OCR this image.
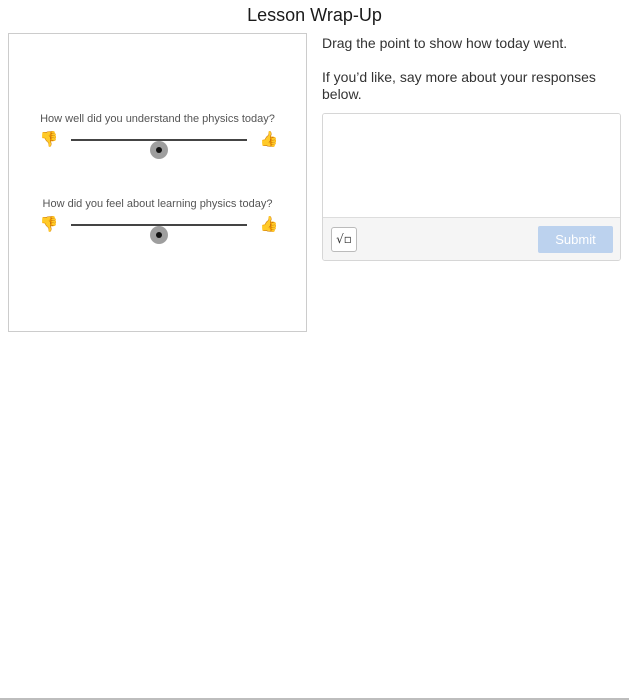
Lesson Wrap-Up
How well did you understand the physics today?
👎	👍
How did you feel about learning physics today?
👎	👍

Drag the point to show how today went.

If you’d like, say more about your responses below.

√▫	Submit
